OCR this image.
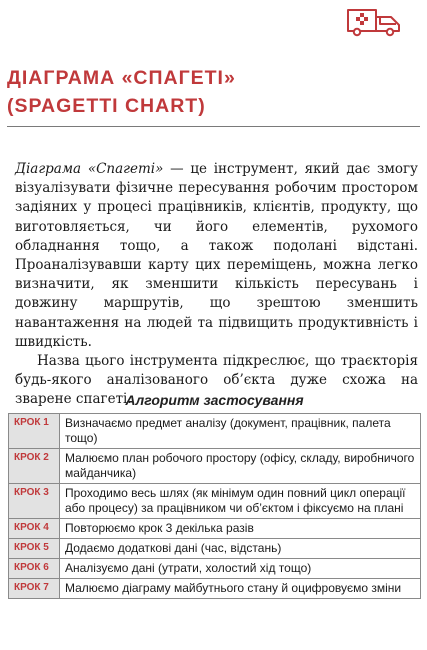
ДІАГРАМА «СПАГЕТІ»
(SPAGETTI CHART)

Діаграма «Спагеті» — це інструмент, який дає змогу візуалізувати фізичне пересування робочим простором задіяних у процесі працівників, клієнтів, продукту, що виготовляється, чи його елементів, рухомого обладнання тощо, а також подолані відстані. Проаналізувавши карту цих переміщень, можна легко визначити, як зменшити кількість пересувань і довжину маршрутів, що зрештою зменшить навантаження на людей та підвищить продуктивність і швидкість.

Назва цього інструмента підкреслює, що траєкторія будь-якого аналізованого об’єкта дуже схожа на зварене спагеті.

Алгоритм застосування
КРОК 1	Визначаємо предмет аналізу (документ, працівник, палета тощо)
КРОК 2	Малюємо план робочого простору (офісу, складу, виробничого майданчика)
КРОК 3	Проходимо весь шлях (як мінімум один повний цикл операції або процесу) за працівником чи об’єктом і фіксуємо на плані
КРОК 4	Повторюємо крок 3 декілька разів
КРОК 5	Додаємо додаткові дані (час, відстань)
КРОК 6	Аналізуємо дані (утрати, холостий хід тощо)
КРОК 7	Малюємо діаграму майбутнього стану й оцифровуємо зміни
